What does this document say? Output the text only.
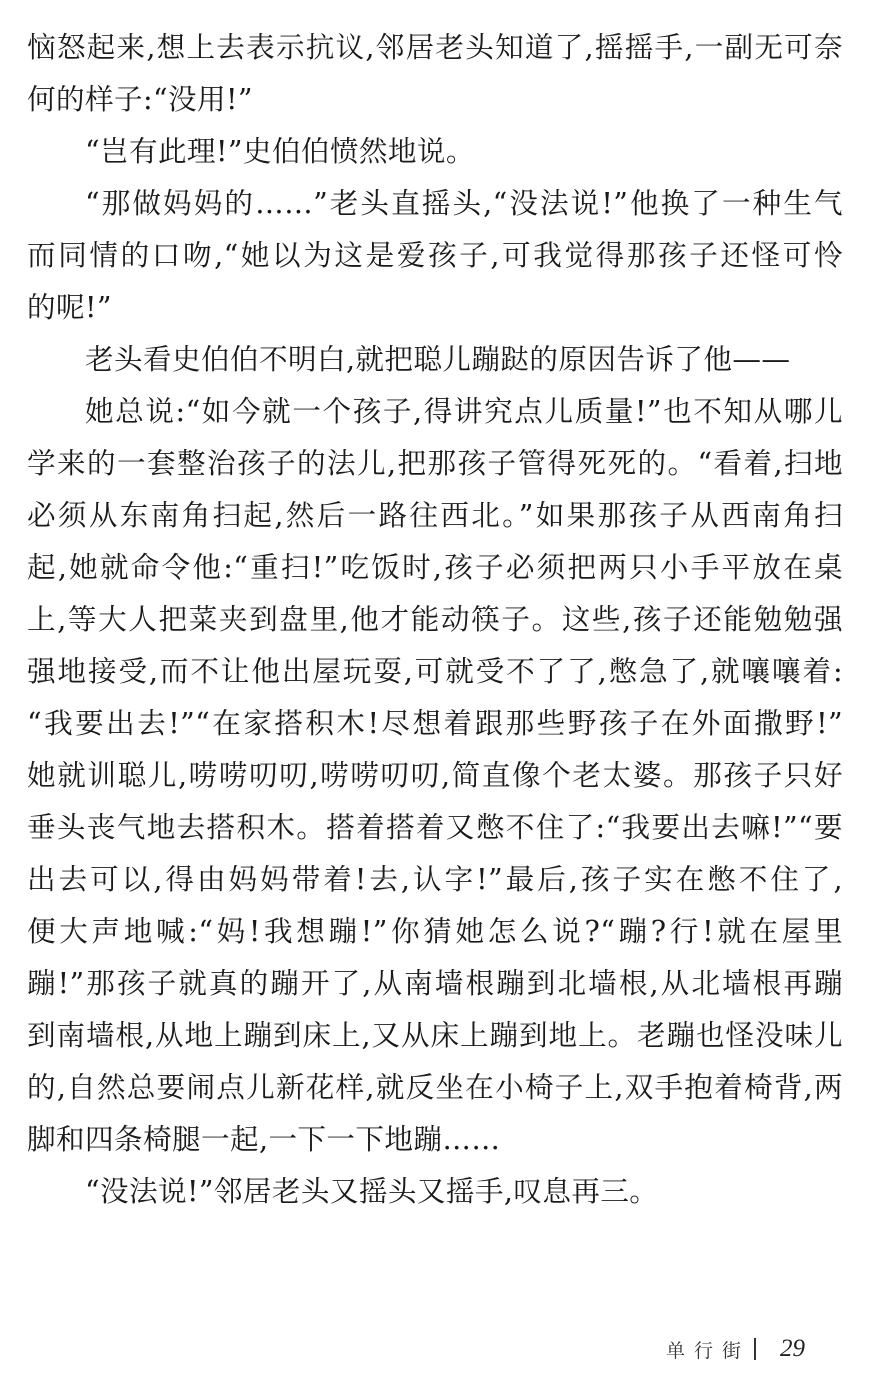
恼怒起来,想上去表示抗议,邻居老头知道了,摇摇手,一副无可奈
何的样子:“没用!”
“岂有此理!”史伯伯愤然地说。
“那做妈妈的……”老头直摇头,“没法说!”他换了一种生气
而同情的口吻,“她以为这是爱孩子,可我觉得那孩子还怪可怜
的呢!”
老头看史伯伯不明白,就把聪儿蹦跶的原因告诉了他——
她总说:“如今就一个孩子,得讲究点儿质量!”也不知从哪儿
学来的一套整治孩子的法儿,把那孩子管得死死的。“看着,扫地
必须从东南角扫起,然后一路往西北。”如果那孩子从西南角扫
起,她就命令他:“重扫!”吃饭时,孩子必须把两只小手平放在桌
上,等大人把菜夹到盘里,他才能动筷子。这些,孩子还能勉勉强
强地接受,而不让他出屋玩耍,可就受不了了,憋急了,就嚷嚷着:
“我要出去!”“在家搭积木!尽想着跟那些野孩子在外面撒野!”
她就训聪儿,唠唠叨叨,唠唠叨叨,简直像个老太婆。那孩子只好
垂头丧气地去搭积木。搭着搭着又憋不住了:“我要出去嘛!”“要
出去可以,得由妈妈带着!去,认字!”最后,孩子实在憋不住了,
便大声地喊:“妈!我想蹦!”你猜她怎么说?“蹦?行!就在屋里
蹦!”那孩子就真的蹦开了,从南墙根蹦到北墙根,从北墙根再蹦
到南墙根,从地上蹦到床上,又从床上蹦到地上。老蹦也怪没味儿
的,自然总要闹点儿新花样,就反坐在小椅子上,双手抱着椅背,两
脚和四条椅腿一起,一下一下地蹦……
“没法说!”邻居老头又摇头又摇手,叹息再三。
单行街 29
